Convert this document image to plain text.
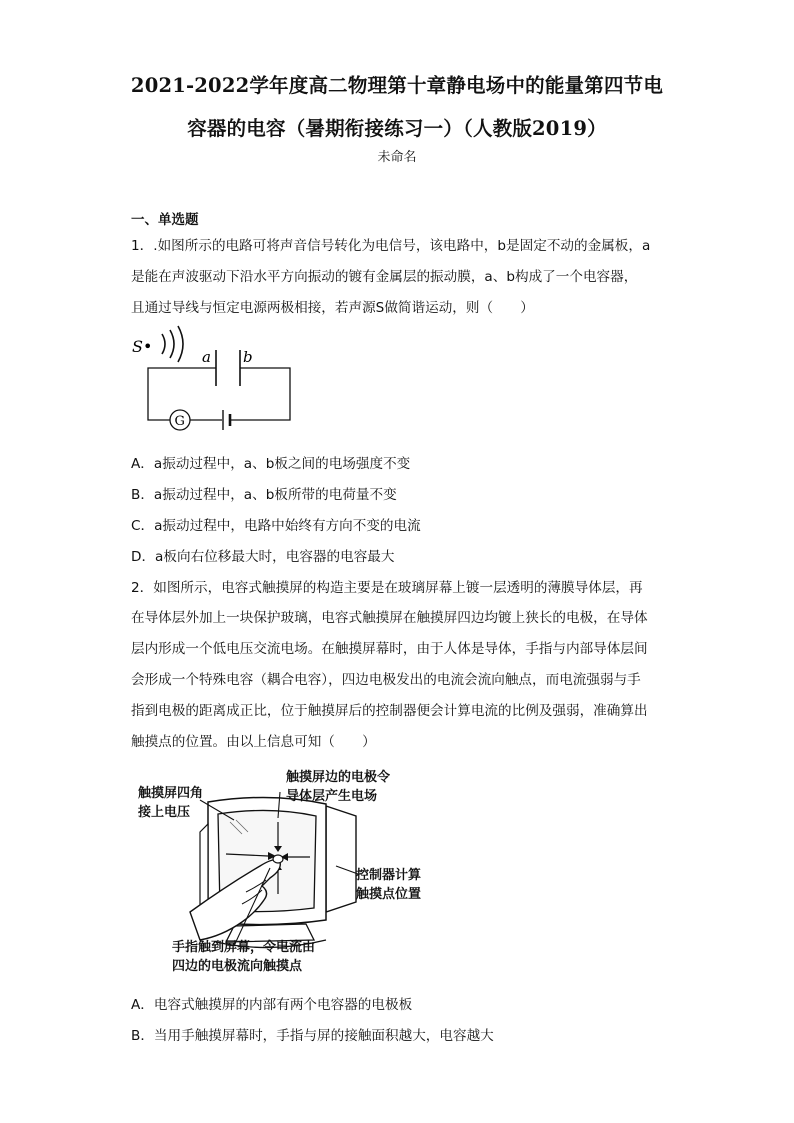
2021-2022学年度高二物理第十章静电场中的能量第四节电
容器的电容（暑期衔接练习一）（人教版2019）
未命名
一、单选题
1．.如图所示的电路可将声音信号转化为电信号，该电路中，b是固定不动的金属板，a
是能在声波驱动下沿水平方向振动的镀有金属层的振动膜，a、b构成了一个电容器，
且通过导线与恒定电源两极相接，若声源S做简谐运动，则（　　）
S•
a b
G
A．a振动过程中，a、b板之间的电场强度不变
B．a振动过程中，a、b板所带的电荷量不变
C．a振动过程中，电路中始终有方向不变的电流
D．a板向右位移最大时，电容器的电容最大
2．如图所示，电容式触摸屏的构造主要是在玻璃屏幕上镀一层透明的薄膜导体层，再
在导体层外加上一块保护玻璃，电容式触摸屏在触摸屏四边均镀上狭长的电极，在导体
层内形成一个低电压交流电场。在触摸屏幕时，由于人体是导体，手指与内部导体层间
会形成一个特殊电容（耦合电容），四边电极发出的电流会流向触点，而电流强弱与手
指到电极的距离成正比，位于触摸屏后的控制器便会计算电流的比例及强弱，准确算出
触摸点的位置。由以上信息可知（　　）
触摸屏四角
接上电压
触摸屏边的电极令
导体层产生电场
控制器计算
触摸点位置
手指触到屏幕，令电流由
四边的电极流向触摸点
A．电容式触摸屏的内部有两个电容器的电极板
B．当用手触摸屏幕时，手指与屏的接触面积越大，电容越大
